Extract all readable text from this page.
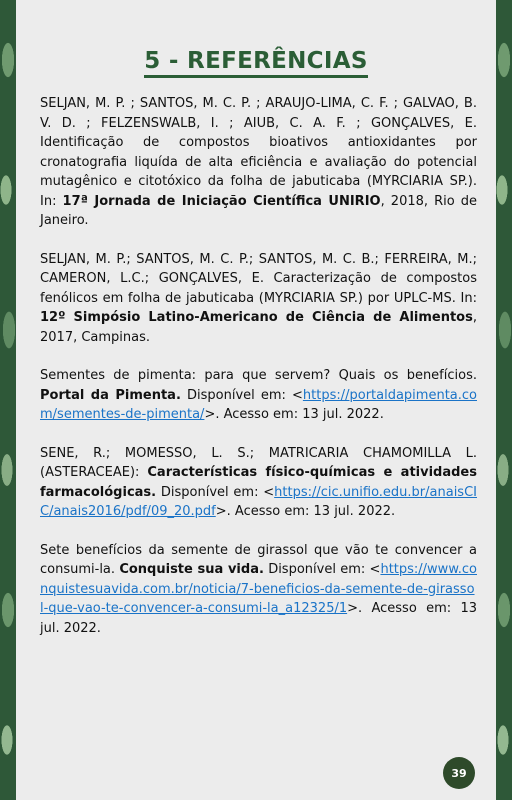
5 - REFERÊNCIAS

SELJAN, M. P. ; SANTOS, M. C. P. ; ARAUJO-LIMA, C. F. ; GALVAO, B. V. D. ; FELZENSWALB, I. ; AIUB, C. A. F. ; GONÇALVES, E. Identificação de compostos bioativos antioxidantes por cronatografia liquída de alta eficiência e avaliação do potencial mutagênico e citotóxico da folha de jabuticaba (MYRCIARIA SP.). In: 17ª Jornada de Iniciação Científica UNIRIO, 2018, Rio de Janeiro.

SELJAN, M. P.; SANTOS, M. C. P.; SANTOS, M. C. B.; FERREIRA, M.; CAMERON, L.C.; GONÇALVES, E. Caracterização de compostos fenólicos em folha de jabuticaba (MYRCIARIA SP.) por UPLC-MS. In: 12º Simpósio Latino-Americano de Ciência de Alimentos, 2017, Campinas.

Sementes de pimenta: para que servem? Quais os benefícios. Portal da Pimenta. Disponível em: <https://portaldapimenta.com/sementes-de-pimenta/>. Acesso em: 13 jul. 2022.

SENE, R.; MOMESSO, L. S.; MATRICARIA CHAMOMILLA L. (ASTERACEAE): Características físico-químicas e atividades farmacológicas. Disponível em: <https://cic.unifio.edu.br/anaisCIC/anais2016/pdf/09_20.pdf>. Acesso em: 13 jul. 2022.

Sete benefícios da semente de girassol que vão te convencer a consumi-la. Conquiste sua vida. Disponível em: <https://www.conquistesuavida.com.br/noticia/7-beneficios-da-semente-de-girassol-que-vao-te-convencer-a-consumi-la_a12325/1>. Acesso em: 13 jul. 2022.

39
